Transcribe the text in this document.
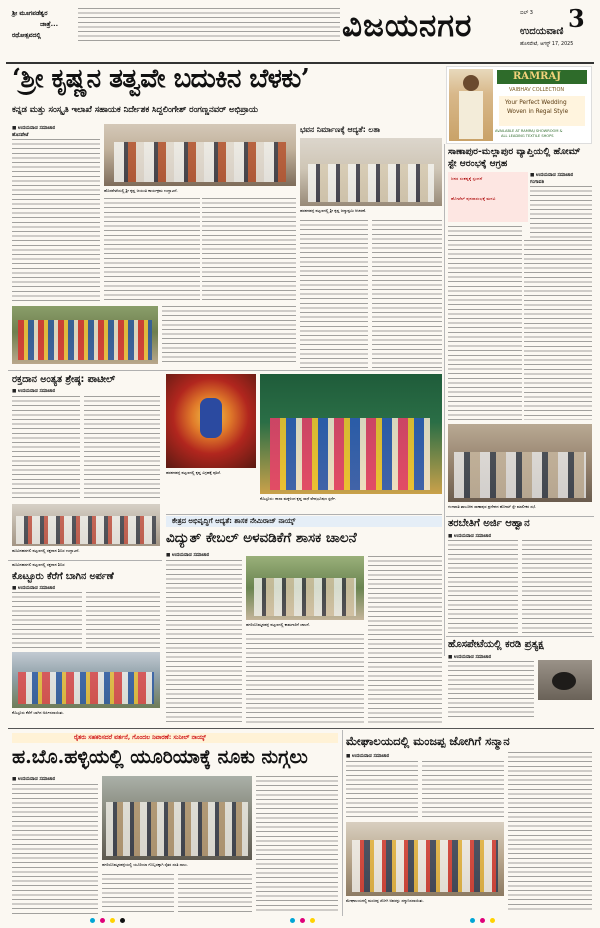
ಶ್ರೀ ಮೂಗಪಡೆಶ್ವರ
ಜಾತ್ರೆ...
ರಥೋತ್ಸವದಲ್ಲಿ	ವಿಜಯನಗರ	ಬಿಲ್ 3 3
ಉದಯವಾಣಿ
ಹೊಸಪೇಟೆ, ಆಗಸ್ಟ್ 17, 2025
‘ಶ್ರೀ ಕೃಷ್ಣನ ತತ್ವವೇ ಬದುಕಿನ ಬೆಳಕು’
ಕನ್ನಡ ಮತ್ತು ಸಂಸ್ಕೃತಿ ಇಲಾಖೆ ಸಹಾಯಕ ನಿರ್ದೇಶಕ ಸಿದ್ದಲಿಂಗೇಶ್ ರಂಗಣ್ಣನವರ್ ಅಭಿಪ್ರಾಯ
RAMRAJ
VAIBHAV COLLECTION
Your Perfect Wedding
Woven in Regal Style
AVAILABLE AT RAMRAJ SHOWROOM &
ALL LEADING TEXTILE SHOPS
■ ಉದಯವಾಣಿ ಸಮಾಚಾರ
ಹೊಸಪೇಟೆ
ಹೊಸಪೇಟೆಯಲ್ಲಿ ಶ್ರೀ ಕೃಷ್ಣ ಜಯಂತಿ ಕಾರ್ಯಕ್ರಮ ಉದ್ಘಾಟನೆ.
ಭವನ ನಿರ್ಮಾಣಕ್ಕೆ ಆದ್ಯತೆ: ಲತಾ
ಹರಪನಹಳ್ಳಿ ಪಟ್ಟಣದಲ್ಲಿ ಶ್ರೀ ಕೃಷ್ಣ ಜನ್ಮಾಷ್ಟಮಿ ಆಚರಣೆ.
ಸಾಣಾಪುರ-ಮಲ್ಲಾಪುರ ವ್ಯಾಪ್ತಿಯಲ್ಲಿ ಹೋಮ್ ಸ್ಟೇ ಆರಂಭಕ್ಕೆ ಆಗ್ರಹ
ಜನರ ಸಂಕಷ್ಟಕ್ಕೆ ಸ್ಪಂದನೆ
ಹೋಟೆಲ್ ಪುನರಾರಂಭಕ್ಕೆ ಮನವಿ
■ ಉದಯವಾಣಿ ಸಮಾಚಾರ
ಗಂಗಾವತಿ
ಗಂಗಾವತಿ ತಾಲೂಕಿನ ಸಾಣಾಪುರ ಪ್ರದೇಶದ ಹೋಮ್ ಸ್ಟೇ ಮಾಲೀಕರ ಸಭೆ.
ರಕ್ತದಾನ ಅಂತ್ಯತ ಶ್ರೇಷ್ಠ: ಪಾಟೀಲ್
■ ಉದಯವಾಣಿ ಸಮಾಚಾರ
ಹೂವಿನಹಡಗಲಿ ಪಟ್ಟಣದಲ್ಲಿ ರಕ್ತದಾನ ಶಿಬಿರ ಉದ್ಘಾಟನೆ.
ಹರಪನಹಳ್ಳಿ ಪಟ್ಟಣದಲ್ಲಿ ಕೃಷ್ಣ ವಿಗ್ರಹಕ್ಕೆ ಪೂಜೆ.
ಕೊಟ್ಟೂರು: ಶಾಲಾ ಮಕ್ಕಳಿಂದ ಕೃಷ್ಣ ರಾಧೆ ವೇಷಭೂಷಣ ಸ್ಪರ್ಧೆ.
ಕೇತ್ರದ ಅಭಿವೃದ್ಧಿಗೆ ಆದ್ಯತೆ: ಶಾಸಕ ನೇಮಿರಾಜ್ ನಾಯ್ಕ್
ವಿದ್ಯುತ್ ಕೇಬಲ್ ಅಳವಡಿಕೆಗೆ ಶಾಸಕ ಚಾಲನೆ
■ ಉದಯವಾಣಿ ಸಮಾಚಾರ
ಹಗರಿಬೊಮ್ಮನಹಳ್ಳಿ ಪಟ್ಟಣದಲ್ಲಿ ಕಾಮಗಾರಿಗೆ ಚಾಲನೆ.
ಹೂವಿನಹಡಗಲಿ ಪಟ್ಟಣದಲ್ಲಿ ರಕ್ತದಾನ ಶಿಬಿರ
ಕೊಟ್ಟೂರು ಕೆರೆಗೆ ಬಾಗಿನ ಅರ್ಪಣೆ
■ ಉದಯವಾಣಿ ಸಮಾಚಾರ
ಕೊಟ್ಟೂರು ಕೆರೆಗೆ ಬಾಗಿನ ಅರ್ಪಿಸಲಾಯಿತು.
ತರಬೇತಿಗೆ ಅರ್ಜಿ ಆಹ್ವಾನ
■ ಉದಯವಾಣಿ ಸಮಾಚಾರ
ಹೊಸಪೇಟೆಯಲ್ಲಿ ಕರಡಿ ಪ್ರತ್ಯಕ್ಷ
■ ಉದಯವಾಣಿ ಸಮಾಚಾರ
ರೈತರು ಸಹಕರಿಸದರೆ ವರ್ತನೆ, ಗೊಂದಲ ನಿವಾರಣೆ: ಸುನೀಲ್ ನಾಯ್ಕ್
ಹ.ಬೊ.ಹಳ್ಳಿಯಲ್ಲಿ ಯೂರಿಯಾಕ್ಕೆ ನೂಕು ನುಗ್ಗಲು
■ ಉದಯವಾಣಿ ಸಮಾಚಾರ
ಹಗರಿಬೊಮ್ಮನಹಳ್ಳಿಯಲ್ಲಿ ಯೂರಿಯಾ ಗೊಬ್ಬರಕ್ಕಾಗಿ ರೈತರ ಸರತಿ ಸಾಲು.
ಮೇಘಾಲಯದಲ್ಲಿ ಮಂಜಪ್ಪ ಜೋಗಿಗೆ ಸನ್ಮಾನ
■ ಉದಯವಾಣಿ ಸಮಾಚಾರ
ಮೇಘಾಲಯದಲ್ಲಿ ಮಂಜಪ್ಪ ಜೋಗಿ ಅವರನ್ನು ಸನ್ಮಾನಿಸಲಾಯಿತು.
